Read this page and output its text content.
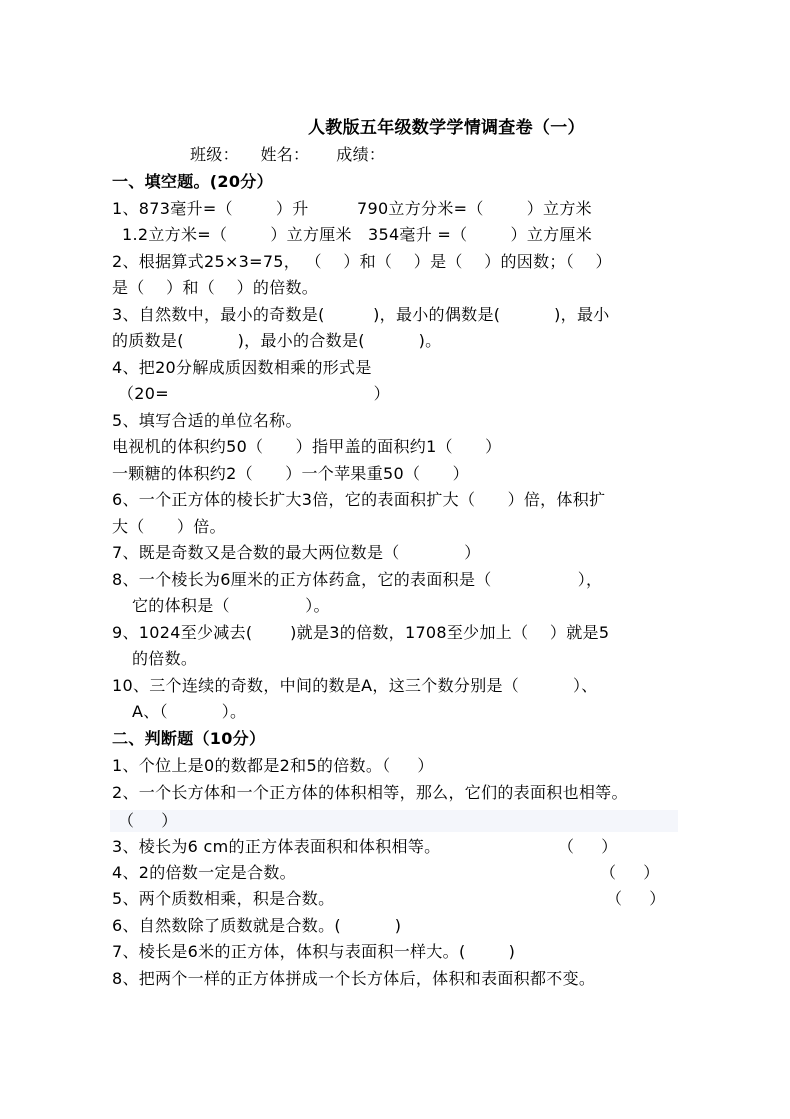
人教版五年级数学学情调查卷（一）
班级：    姓名：     成绩：
一、填空题。(20分）
1、873毫升=（        ）升         790立方分米=（        ）立方米
1.2立方米=（        ）立方厘米   354毫升 =（        ）立方厘米
2、根据算式25×3=75， （    ）和（    ）是（    ）的因数；（    ）
是（    ）和（    ）的倍数。
3、自然数中，最小的奇数是(         )，最小的偶数是(          )，最小
的质数是(          )，最小的合数是(          )。
4、把20分解成质因数相乘的形式是
（20=                                      ）
5、填写合适的单位名称。
电视机的体积约50（      ）指甲盖的面积约1（      ）
一颗糖的体积约2（      ）一个苹果重50（      ）
6、一个正方体的棱长扩大3倍，它的表面积扩大（      ）倍，体积扩
大（      ）倍。
7、既是奇数又是合数的最大两位数是（            ）
8、一个棱长为6厘米的正方体药盒，它的表面积是（                ），
它的体积是（              ）。
9、1024至少减去(       )就是3的倍数，1708至少加上（    ）就是5
的倍数。
10、三个连续的奇数，中间的数是A，这三个数分别是（          ）、
A、（          ）。
二、判断题（10分）
1、个位上是0的数都是2和5的倍数。（     ）
2、一个长方体和一个正方体的体积相等，那么，它们的表面积也相等。
（     ）
3、棱长为6 cm的正方体表面积和体积相等。	（     ）
4、2的倍数一定是合数。	（     ）
5、两个质数相乘，积是合数。	（     ）
6、自然数除了质数就是合数。(          )
7、棱长是6米的正方体，体积与表面积一样大。(        )
8、把两个一样的正方体拼成一个长方体后，体积和表面积都不变。
